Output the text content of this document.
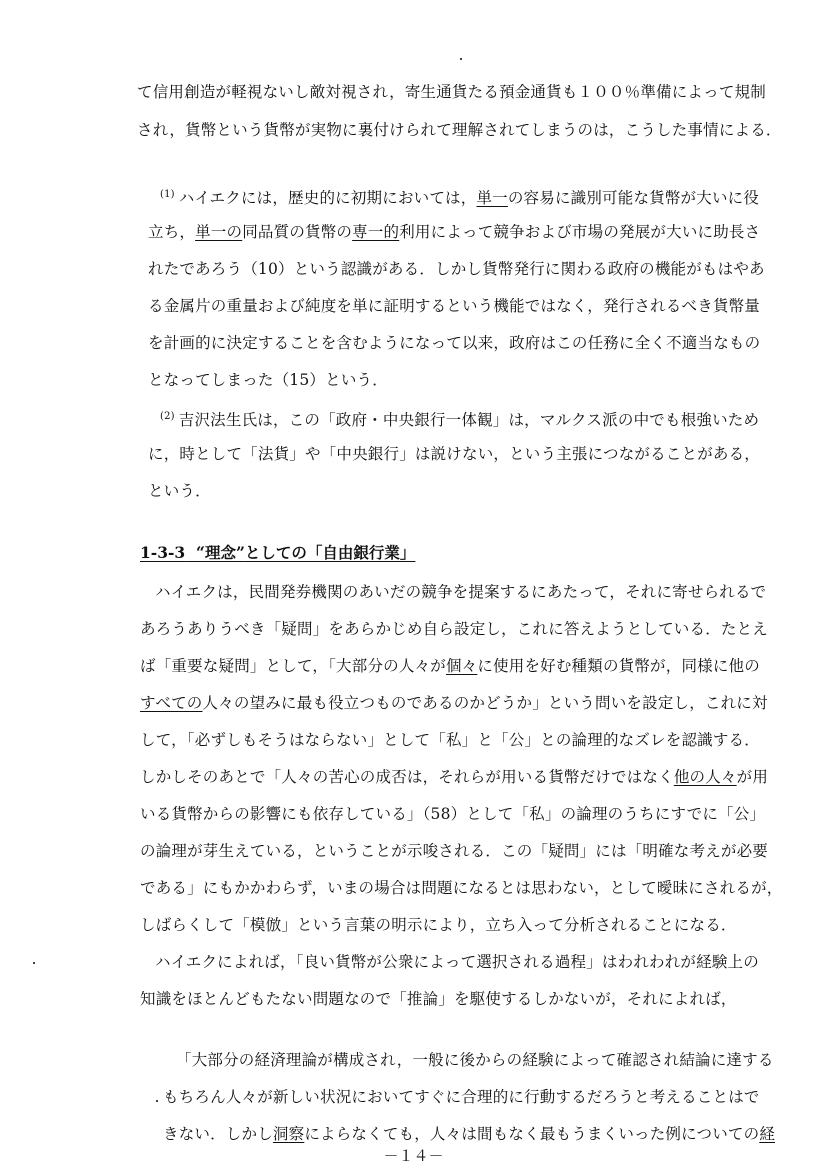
て信用創造が軽視ないし敵対視され，寄生通貨たる預金通貨も１００％準備によって規制
され，貨幣という貨幣が実物に裏付けられて理解されてしまうのは，こうした事情による．
$^{(1)}$ ハイエクには，歴史的に初期においては，単一の容易に識別可能な貨幣が大いに役
立ち，単一の同品質の貨幣の専一的利用によって競争および市場の発展が大いに助長さ
れたであろう（10）という認識がある．しかし貨幣発行に関わる政府の機能がもはやあ
る金属片の重量および純度を単に証明するという機能ではなく，発行されるべき貨幣量
を計画的に決定することを含むようになって以来，政府はこの任務に全く不適当なもの
となってしまった（15）という．
$^{(2)}$ 吉沢法生氏は，この「政府・中央銀行一体観」は，マルクス派の中でも根強いため
に，時として「法貨」や「中央銀行」は説けない，という主張につながることがある，
という．
1-3-3 “理念”としての「自由銀行業」
ハイエクは，民間発券機関のあいだの競争を提案するにあたって，それに寄せられるで
あろうありうべき「疑問」をあらかじめ自ら設定し，これに答えようとしている．たとえ
ば「重要な疑問」として，「大部分の人々が個々に使用を好む種類の貨幣が，同様に他の
すべての人々の望みに最も役立つものであるのかどうか」という問いを設定し，これに対
して，「必ずしもそうはならない」として「私」と「公」との論理的なズレを認識する．
しかしそのあとで「人々の苦心の成否は，それらが用いる貨幣だけではなく他の人々が用
いる貨幣からの影響にも依存している」（58）として「私」の論理のうちにすでに「公」
の論理が芽生えている，ということが示唆される．この「疑問」には「明確な考えが必要
である」にもかかわらず，いまの場合は問題になるとは思わない，として曖昧にされるが，
しばらくして「模倣」という言葉の明示により，立ち入って分析されることになる．
ハイエクによれば，「良い貨幣が公衆によって選択される過程」はわれわれが経験上の
知識をほとんどもたない問題なので「推論」を駆使するしかないが，それによれば，
「大部分の経済理論が構成され，一般に後からの経験によって確認され結論に達する
もちろん人々が新しい状況においてすぐに合理的に行動するだろうと考えることはで
きない．しかし洞察によらなくても，人々は間もなく最もうまくいった例についての経
－１４－
